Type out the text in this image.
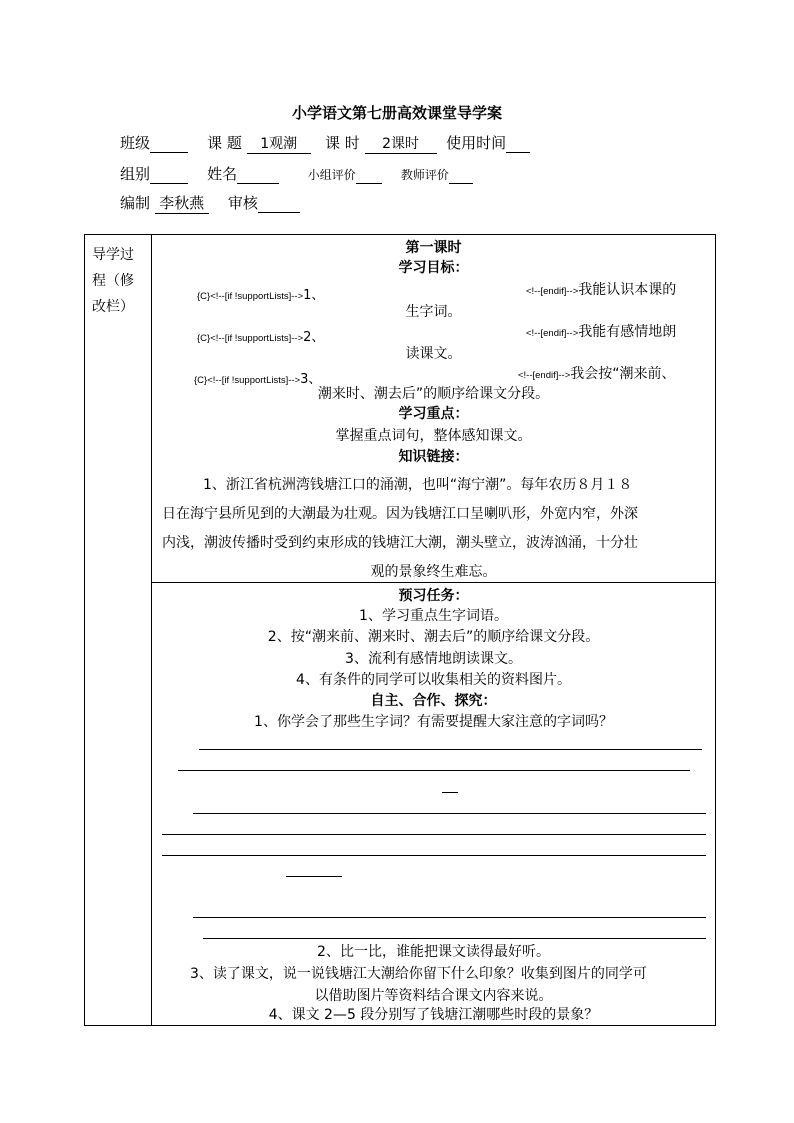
小学语文第七册高效课堂导学案
班级	课 题 1观潮 课 时 2课时 使用时间
组别	姓名	小组评价	教师评价
编制 李秋燕 审核
导学过
程（修
改栏）
第一课时
学习目标：
{C}<!--[if !supportLists]-->1、	<!--[endif]-->我能认识本课的
生字词。
{C}<!--[if !supportLists]-->2、	<!--[endif]-->我能有感情地朗
读课文。
{C}<!--[if !supportLists]-->3、	<!--[endif]-->我会按“潮来前、
潮来时、潮去后”的顺序给课文分段。
学习重点：
掌握重点词句，整体感知课文。
知识链接：
1、浙江省杭洲湾钱塘江口的涌潮，也叫“海宁潮”。每年农历８月１８
日在海宁县所见到的大潮最为壮观。因为钱塘江口呈喇叭形，外宽内窄，外深
内浅，潮波传播时受到约束形成的钱塘江大潮，潮头壁立，波涛汹涌，十分壮
观的景象终生难忘。
预习任务：
1、学习重点生字词语。
2、按“潮来前、潮来时、潮去后”的顺序给课文分段。
3、流利有感情地朗读课文。
4、有条件的同学可以收集相关的资料图片。
自主、合作、探究：
1、你学会了那些生字词？有需要提醒大家注意的字词吗？
2、比一比，谁能把课文读得最好听。
3、读了课文，说一说钱塘江大潮给你留下什么印象？收集到图片的同学可
以借助图片等资料结合课文内容来说。
4、课文 2—5 段分别写了钱塘江潮哪些时段的景象？
